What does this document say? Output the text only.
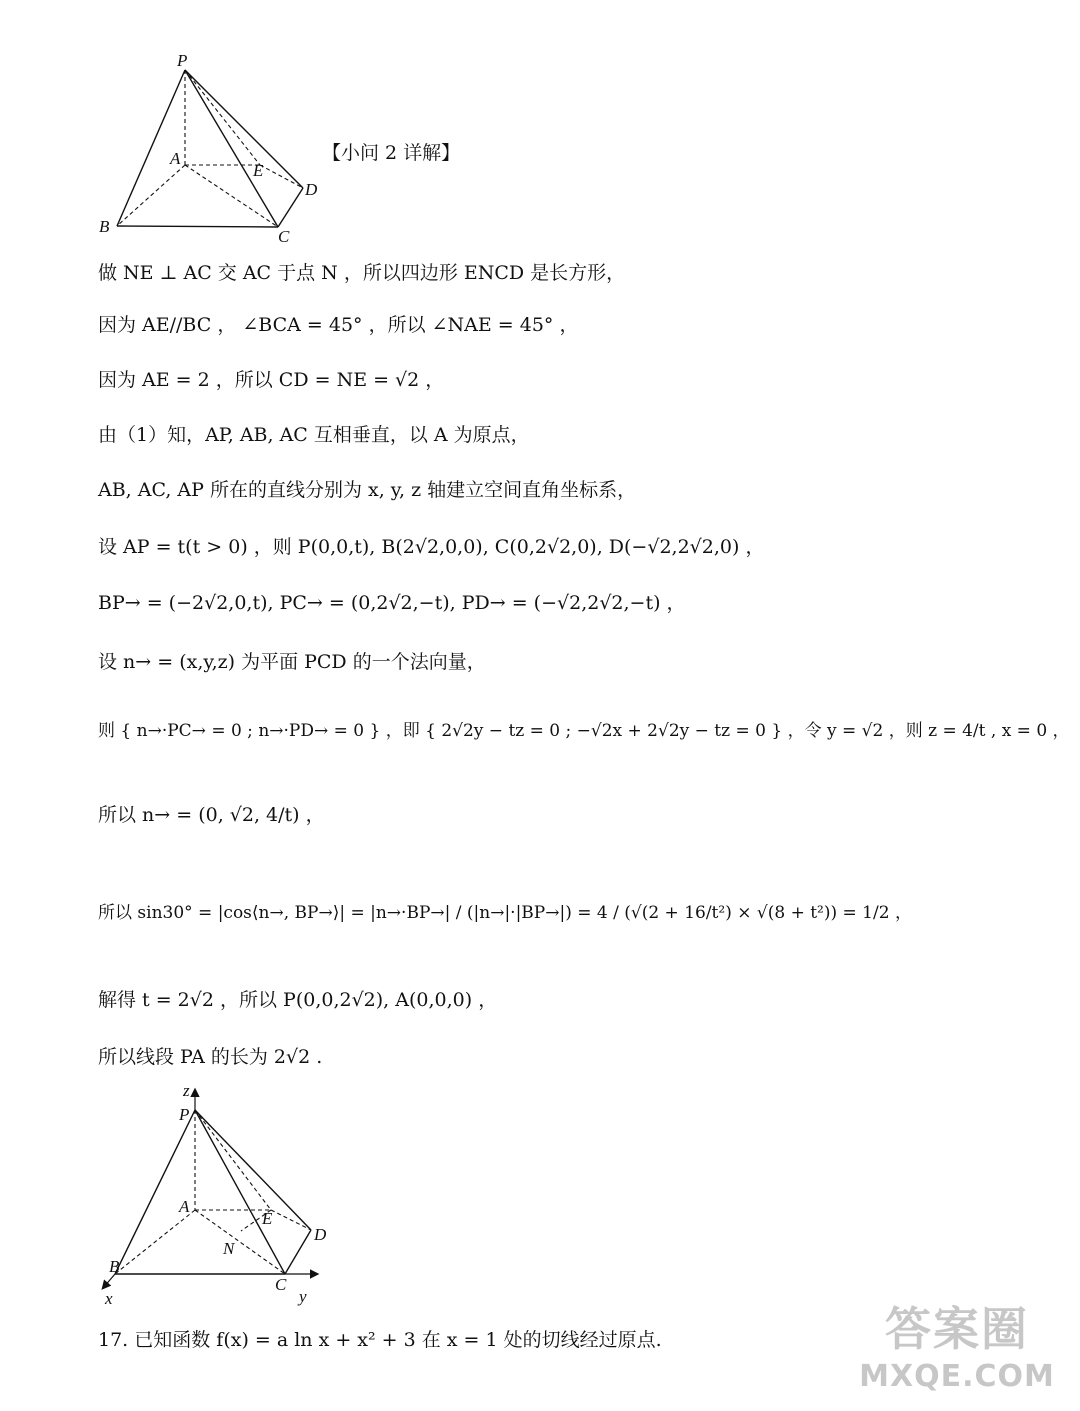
P
A
E
D
B
C
【小问 2 详解】
做 NE ⊥ AC 交 AC 于点 N ，所以四边形 ENCD 是长方形，
因为 AE//BC ， ∠BCA = 45° ，所以 ∠NAE = 45° ，
因为 AE = 2 ，所以 CD = NE = √2 ，
由（1）知，AP, AB, AC 互相垂直，以 A 为原点，
AB, AC, AP 所在的直线分别为 x, y, z 轴建立空间直角坐标系，
设 AP = t(t > 0) ，则 P(0,0,t), B(2√2,0,0), C(0,2√2,0), D(−√2,2√2,0) ，
BP→ = (−2√2,0,t), PC→ = (0,2√2,−t), PD→ = (−√2,2√2,−t) ，
设 n→ = (x,y,z) 为平面 PCD 的一个法向量，
则 { n→·PC→ = 0 ; n→·PD→ = 0 } ，即 { 2√2y − tz = 0 ; −√2x + 2√2y − tz = 0 } ，令 y = √2 ，则 z = 4/t , x = 0 ，
所以 n→ = (0, √2, 4/t) ，
所以 sin30° = |cos⟨n→, BP→⟩| = |n→·BP→| / (|n→|·|BP→|) = 4 / (√(2 + 16/t²) × √(8 + t²)) = 1/2 ，
解得 t = 2√2 ，所以 P(0,0,2√2), A(0,0,0) ，
所以线段 PA 的长为 2√2 .
z
P
A
E
D
N
B
C
x	y
17. 已知函数 f(x) = a ln x + x² + 3 在 x = 1 处的切线经过原点.	答案圈
MXQE.COM
